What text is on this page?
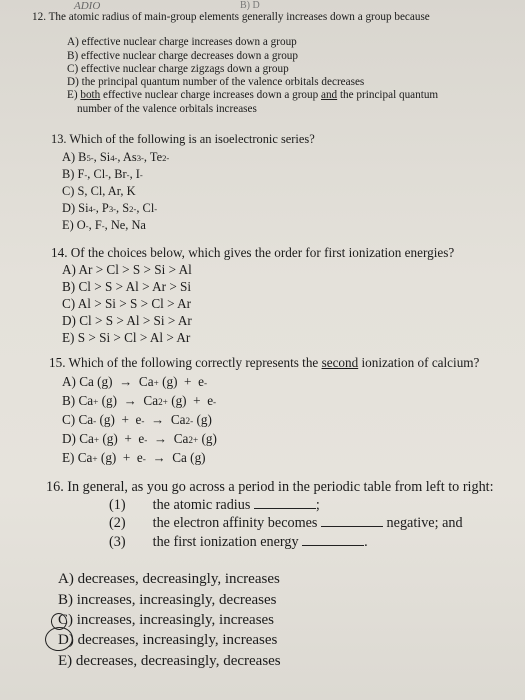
ADIO	B) D
12. The atomic radius of main-group elements generally increases down a group because
A) effective nuclear charge increases down a group
B) effective nuclear charge decreases down a group
C) effective nuclear charge zigzags down a group
D) the principal quantum number of the valence orbitals decreases
E) both effective nuclear charge increases down a group and the principal quantum
number of the valence orbitals increases
13. Which of the following is an isoelectronic series?
A) $B^{5-}$, $Si^{4-}$, $As^{3-}$, $Te^{2-}$
B) F-, Cl-, Br-, I-
C) S, Cl, Ar, K
D) $Si^{4-}$, $P^{3-}$, $S^{2-}$, Cl-
E) O-, F-, Ne, Na
14. Of the choices below, which gives the order for first ionization energies?
A) Ar > Cl > S > Si > Al
B) Cl > S > Al > Ar > Si
C) Al > Si > S > Cl > Ar
D) Cl > S > Al > Si > Ar
E) S > Si > Cl > Al > Ar
15. Which of the following correctly represents the second ionization of calcium?
A) Ca (g)  →  Ca+ (g)  +  e-
B) Ca+ $(g) \to Ca^{2+}$ (g)  +  e-
C) Ca- $(g) + e^- \to Ca^{2-}$ (g)
D) Ca+ $(g) + e^- \to Ca^{2+}$ (g)
E) Ca+ (g)  +  e-  →  Ca (g)
16. In general, as you go across a period in the periodic table from left to right:
(1) the atomic radius	;
(2) the electron affinity becomes	negative; and
(3) the first ionization energy	.
A) decreases, decreasingly, increases
B) increases, increasingly, decreases
C) increases, increasingly, increases
D) decreases, increasingly, increases
E) decreases, decreasingly, decreases
